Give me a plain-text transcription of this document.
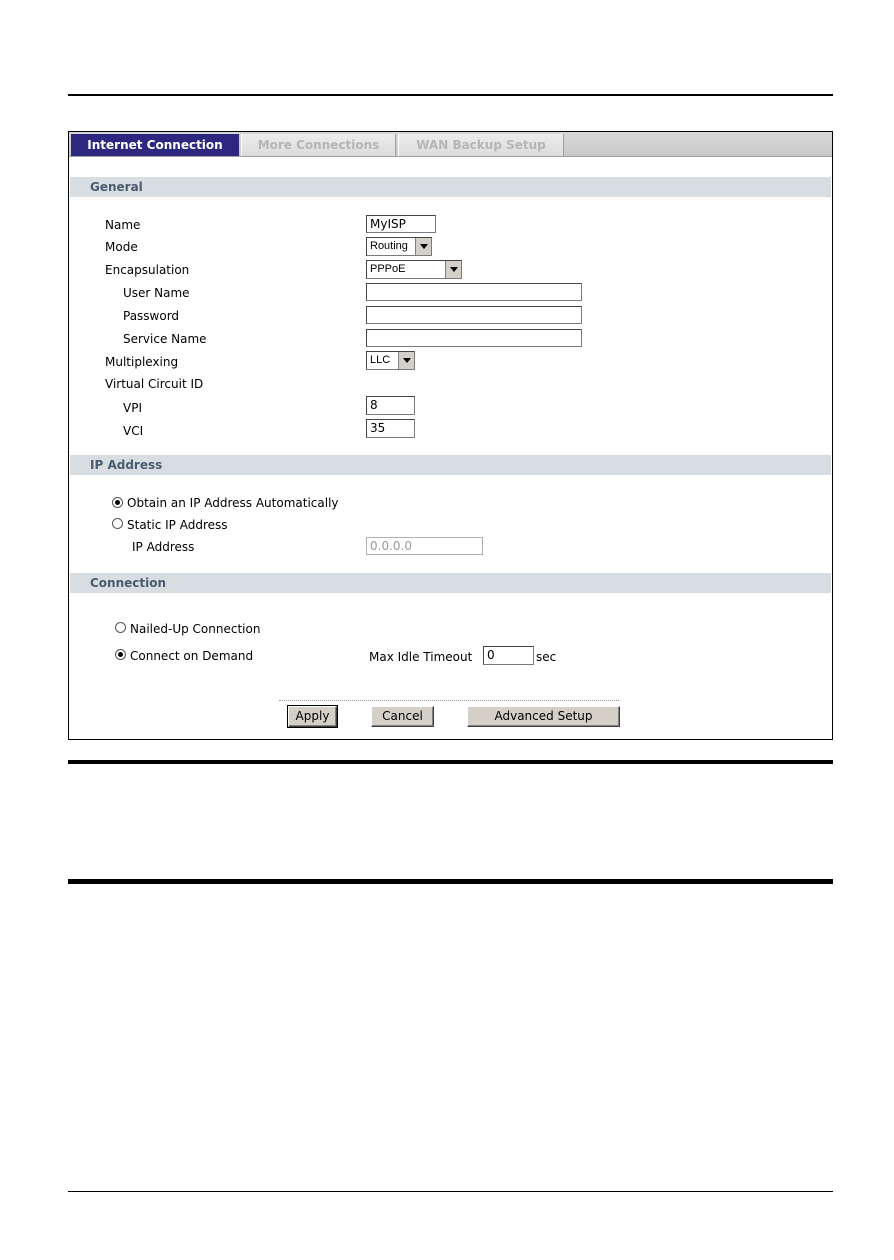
Internet Connection	More Connections	WAN Backup Setup
General
Name	MyISP
Mode	Routing
Encapsulation	PPPoE
User Name
Password
Service Name
Multiplexing	LLC
Virtual Circuit ID
VPI	8
VCI	35
IP Address
Obtain an IP Address Automatically
Static IP Address
IP Address	0.0.0.0
Connection
Nailed-Up Connection
Connect on Demand	Max Idle Timeout	0	sec
Apply	Cancel	Advanced Setup
